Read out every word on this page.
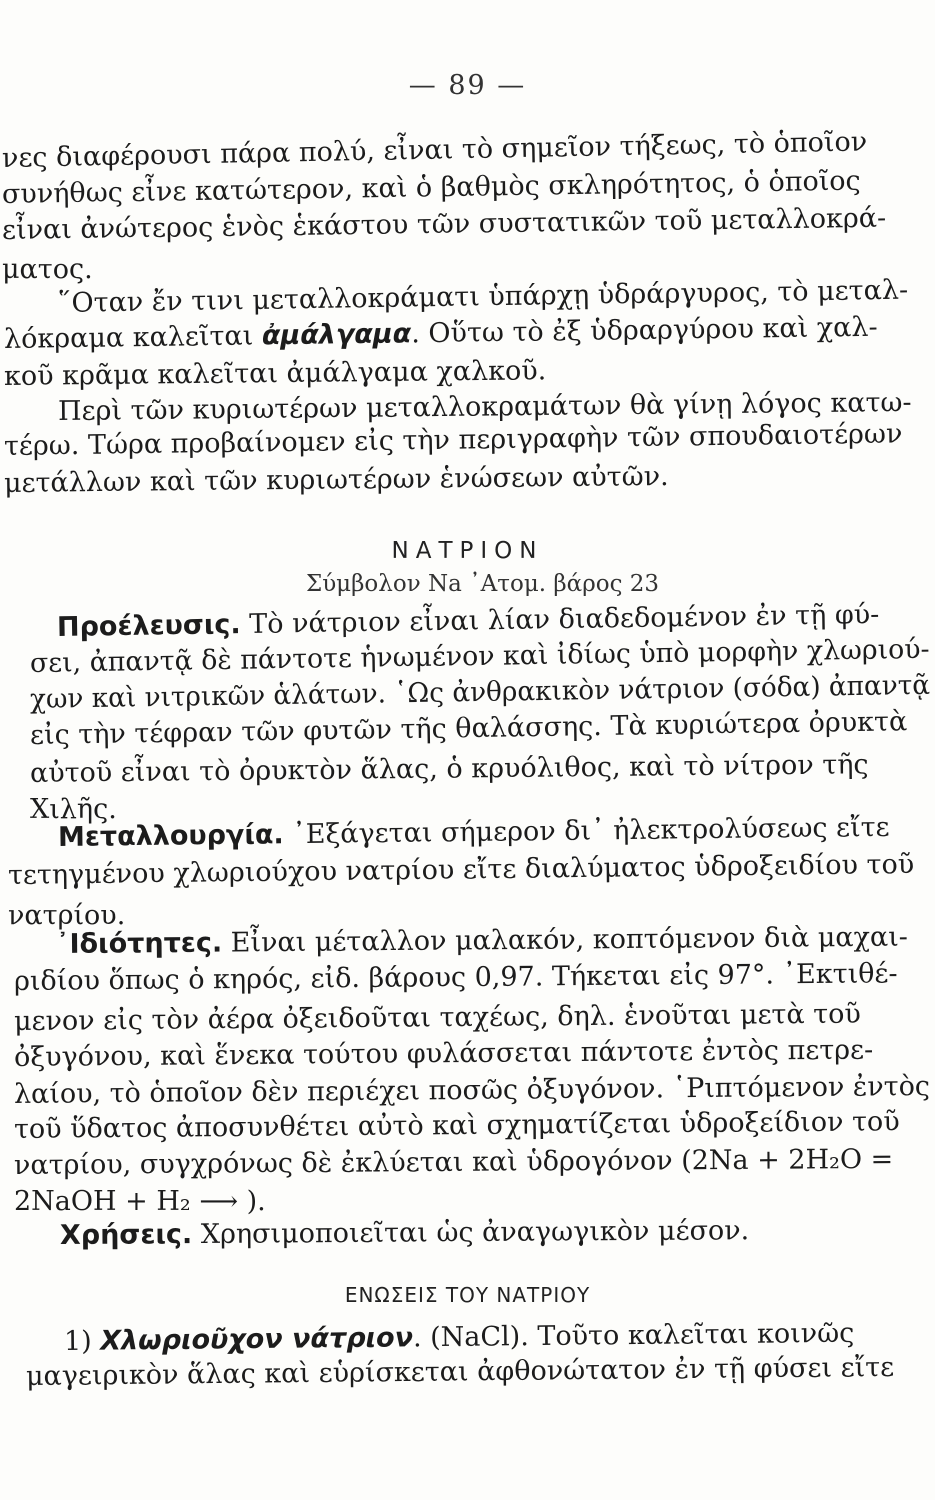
— 89 —
νες διαφέρουσι πάρα πολύ, εἶναι τὸ σημεῖον τήξεως, τὸ ὁποῖον
συνήθως εἶνε κατώτερον, καὶ ὁ βαθμὸς σκληρότητος, ὁ ὁποῖος
εἶναι ἀνώτερος ἑνὸς ἑκάστου τῶν συστατικῶν τοῦ μεταλλοκρά-
ματος.
῞Οταν ἔν τινι μεταλλοκράματι ὑπάρχῃ ὑδράργυρος, τὸ μεταλ-
λόκραμα καλεῖται ἀμάλγαμα. Οὕτω τὸ ἐξ ὑδραργύρου καὶ χαλ-
κοῦ κρᾶμα καλεῖται ἀμάλγαμα χαλκοῦ.
Περὶ τῶν κυριωτέρων μεταλλοκραμάτων θὰ γίνῃ λόγος κατω-
τέρω. Τώρα προβαίνομεν εἰς τὴν περιγραφὴν τῶν σπουδαιοτέρων
μετάλλων καὶ τῶν κυριωτέρων ἑνώσεων αὐτῶν.
ΝΑΤΡΙΟΝ
Σύμβολον Na ᾽Ατομ. βάρος 23
Προέλευσις. Τὸ νάτριον εἶναι λίαν διαδεδομένον ἐν τῇ φύ-
σει, ἀπαντᾷ δὲ πάντοτε ἡνωμένον καὶ ἰδίως ὑπὸ μορφὴν χλωριού-
χων καὶ νιτρικῶν ἁλάτων. ῾Ως ἀνθρακικὸν νάτριον (σόδα) ἀπαντᾷ
εἰς τὴν τέφραν τῶν φυτῶν τῆς θαλάσσης. Τὰ κυριώτερα ὀρυκτὰ
αὐτοῦ εἶναι τὸ ὀρυκτὸν ἅλας, ὁ κρυόλιθος, καὶ τὸ νίτρον τῆς
Χιλῆς.
Μεταλλουργία. ᾽Εξάγεται σήμερον δι᾽ ἠλεκτρολύσεως εἴτε
τετηγμένου χλωριούχου νατρίου εἴτε διαλύματος ὑδροξειδίου τοῦ
νατρίου.
᾽Ιδιότητες. Εἶναι μέταλλον μαλακόν, κοπτόμενον διὰ μαχαι-
ριδίου ὅπως ὁ κηρός, εἰδ. βάρους 0,97. Τήκεται εἰς 97°. ᾽Εκτιθέ-
μενον εἰς τὸν ἀέρα ὀξειδοῦται ταχέως, δηλ. ἑνοῦται μετὰ τοῦ
ὀξυγόνου, καὶ ἕνεκα τούτου φυλάσσεται πάντοτε ἐντὸς πετρε-
λαίου, τὸ ὁποῖον δὲν περιέχει ποσῶς ὀξυγόνον. ῾Ριπτόμενον ἐντὸς
τοῦ ὕδατος ἀποσυνθέτει αὐτὸ καὶ σχηματίζεται ὑδροξείδιον τοῦ
νατρίου, συγχρόνως δὲ ἐκλύεται καὶ ὑδρογόνον (2Na + 2H₂O =
2NaOH + H₂ ⟶ ).
Χρήσεις. Χρησιμοποιεῖται ὡς ἀναγωγικὸν μέσον.
ΕΝΩΣΕΙΣ ΤΟΥ ΝΑΤΡΙΟΥ
1) Χλωριοῦχον νάτριον. (NaCl). Τοῦτο καλεῖται κοινῶς
μαγειρικὸν ἅλας καὶ εὑρίσκεται ἀφθονώτατον ἐν τῇ φύσει εἴτε
